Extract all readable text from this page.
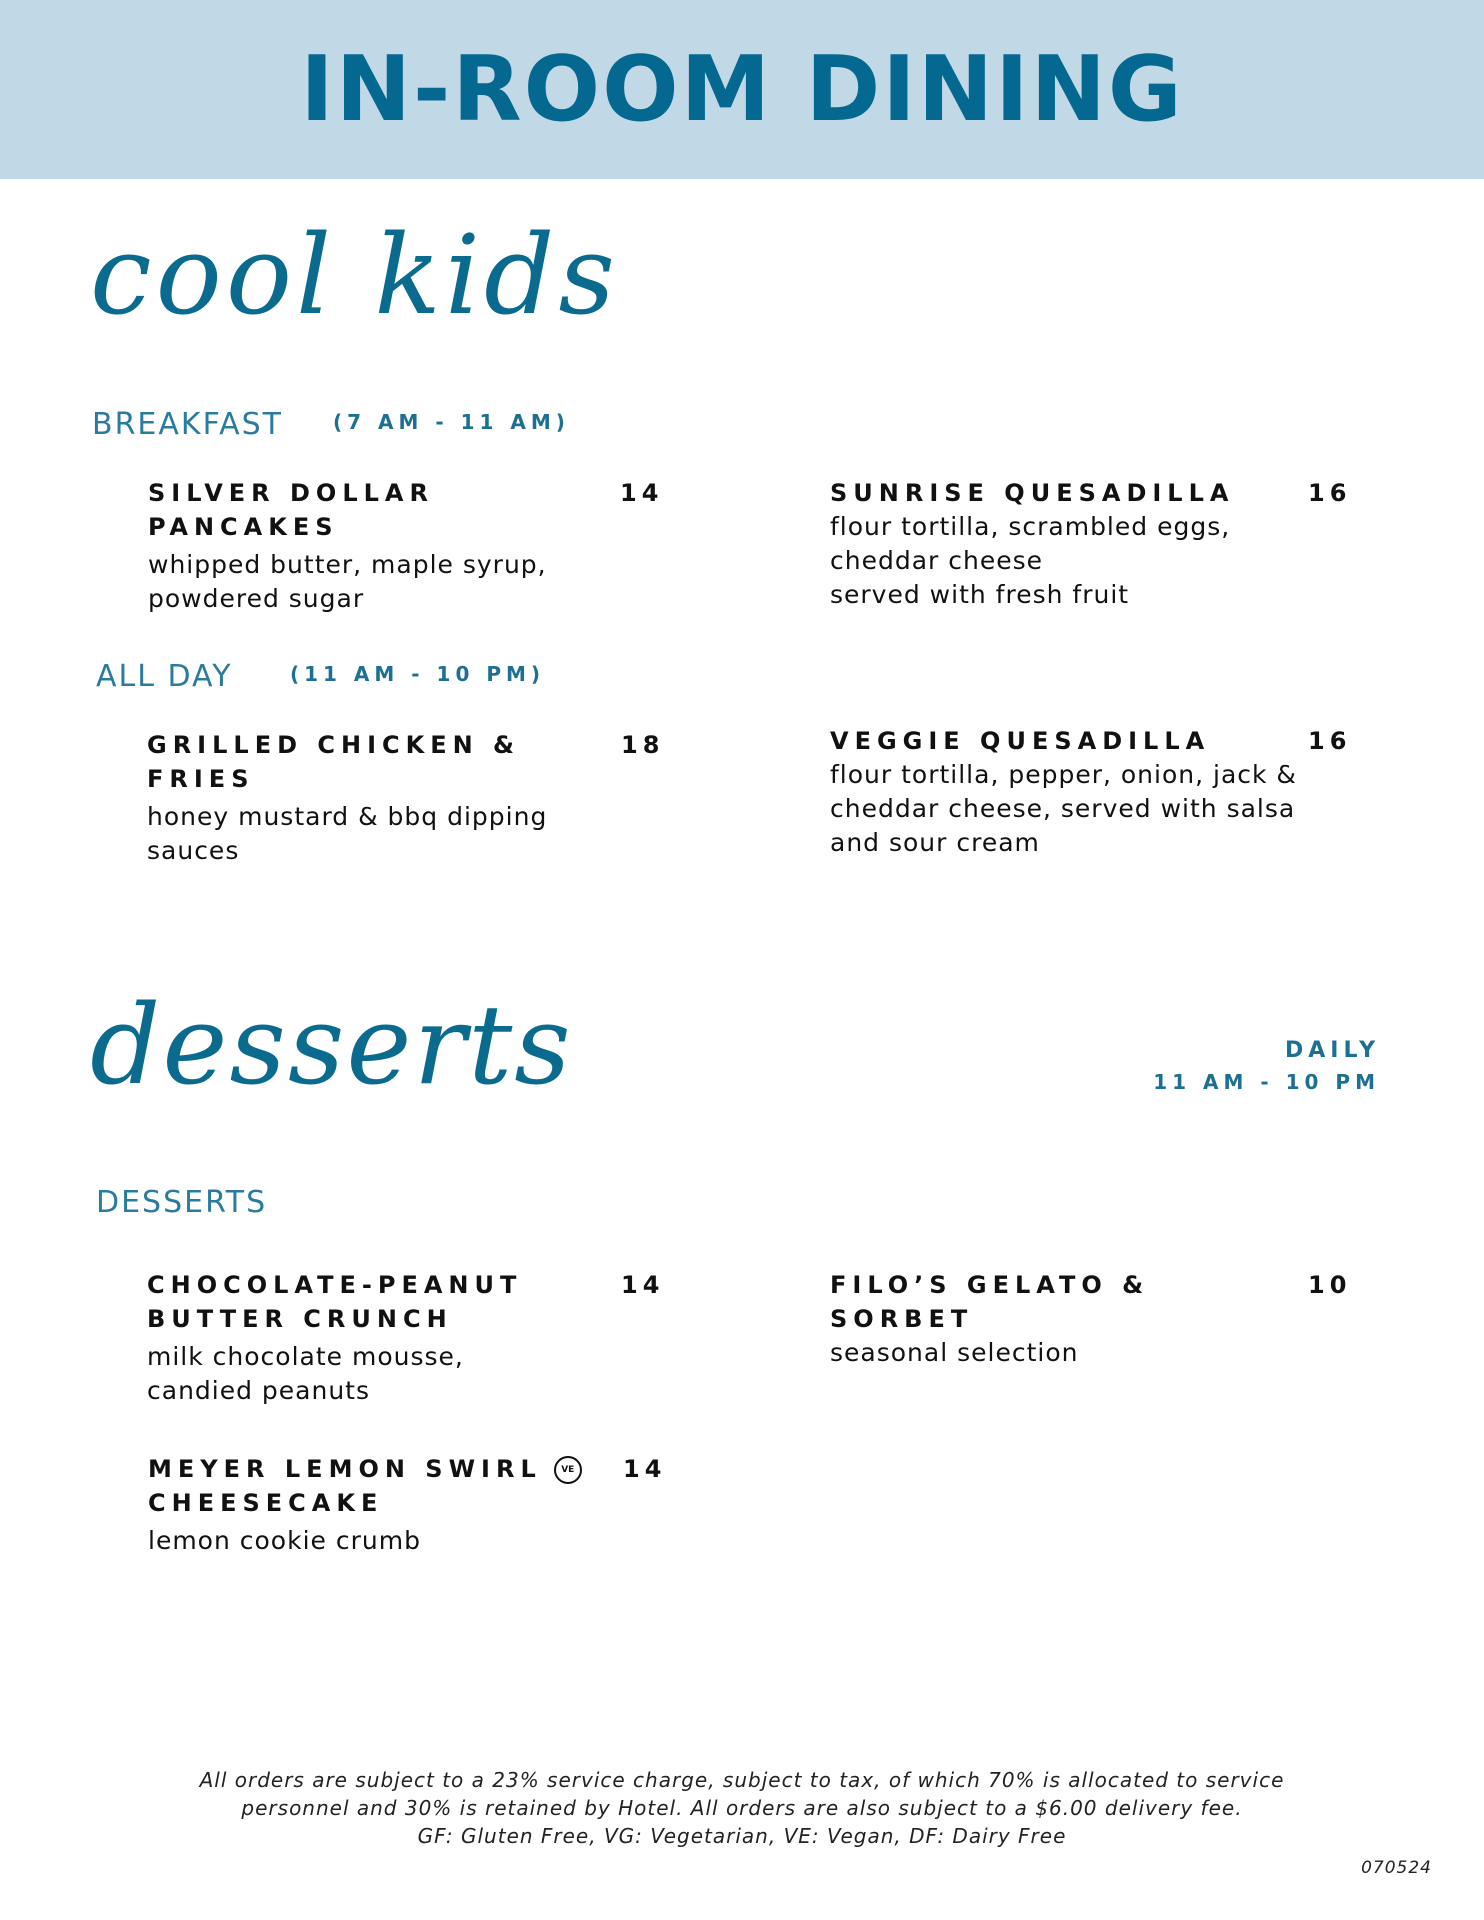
IN-ROOM DINING
cool kids
BREAKFAST	(7 AM - 11 AM)
SILVER DOLLAR
PANCAKES
whipped butter, maple syrup,
powdered sugar
14	SUNRISE QUESADILLA
flour tortilla, scrambled eggs,
cheddar cheese
served with fresh fruit
16
ALL DAY	(11 AM - 10 PM)
GRILLED CHICKEN &
FRIES
honey mustard & bbq dipping
sauces
18	VEGGIE QUESADILLA
flour tortilla, pepper, onion, jack &
cheddar cheese, served with salsa
and sour cream
16
desserts	DAILY
11 AM - 10 PM
DESSERTS
CHOCOLATE-PEANUT
BUTTER CRUNCH
milk chocolate mousse,
candied peanuts
14	FILO’S GELATO &
SORBET
seasonal selection
10
MEYER LEMON SWIRL VE
CHEESECAKE
lemon cookie crumb
14
All orders are subject to a 23% service charge, subject to tax, of which 70% is allocated to service
personnel and 30% is retained by Hotel. All orders are also subject to a $6.00 delivery fee.
GF: Gluten Free, VG: Vegetarian, VE: Vegan, DF: Dairy Free
070524
